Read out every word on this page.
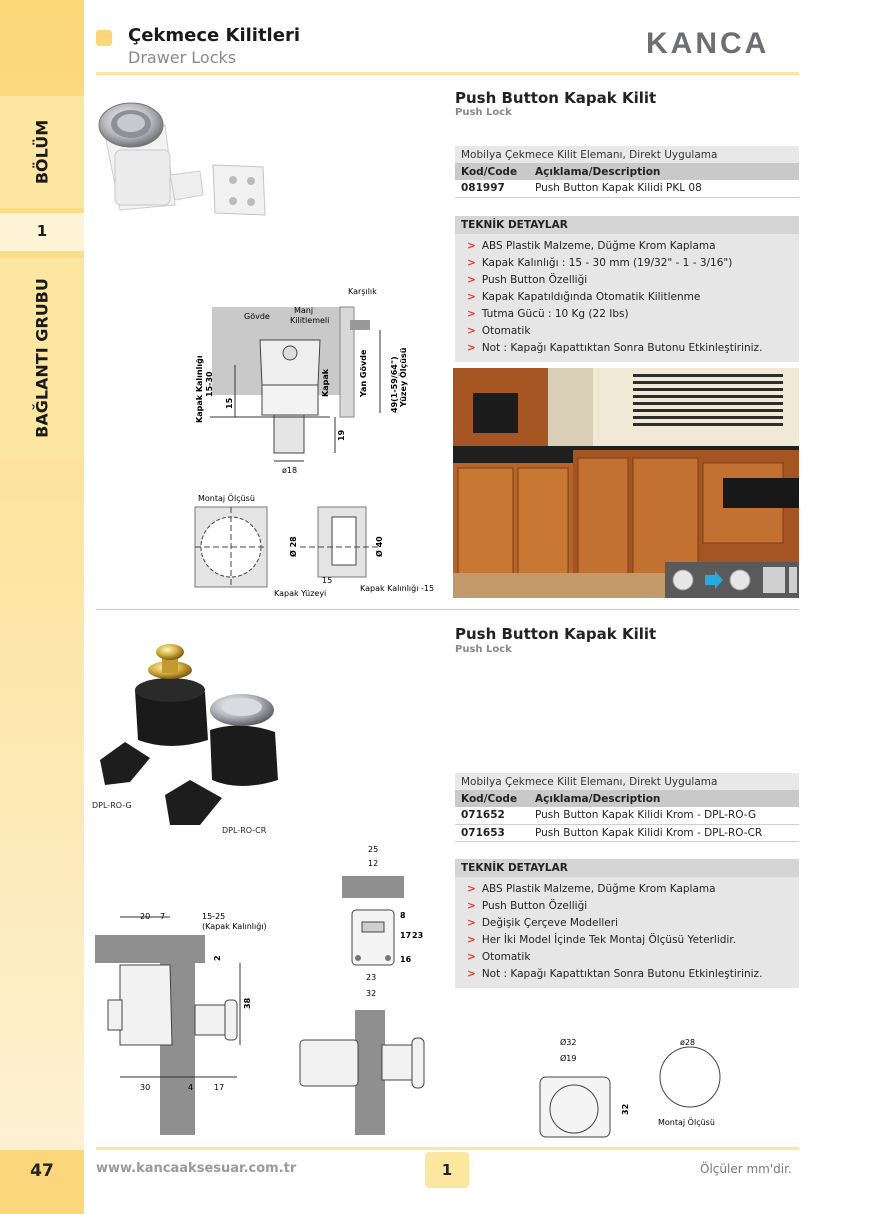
BÖLÜM
1
BAĞLANTI GRUBU
Çekmece Kilitleri
Drawer Locks	KANCA
Push Button Kapak Kilit
Push Lock
Mobilya Çekmece Kilit Elemanı, Direkt Uygulama	
Kod/Code	Açıklama/Description
081997	Push Button Kapak Kilidi PKL 08
TEKNİK DETAYLAR
> ABS Plastik Malzeme, Düğme Krom Kaplama
> Kapak Kalınlığı : 15 - 30 mm (19/32" - 1 - 3/16")
> Push Button Özelliği
> Kapak Kapatıldığında Otomatik Kilitlenme
> Tutma Gücü : 10 Kg (22 Ibs)
> Otomatik
> Not : Kapağı Kapattıktan Sonra Butonu Etkinleştiriniz.
Karşılık
Gövde
Manj
Kilitlemeli
Yan Gövde
Kapak
Kapak Kalınlığı 15-30
15
19
ø18
49(1-59/64") Yüzey Ölçüsü
Montaj Ölçüsü
Ø 28	Ø 40
15
Kapak Yüzeyi
Kapak Kalınlığı -15
DPL-RO-G
DPL-RO-CR
Push Button Kapak Kilit
Push Lock
Mobilya Çekmece Kilit Elemanı, Direkt Uygulama	
Kod/Code	Açıklama/Description
071652	Push Button Kapak Kilidi Krom - DPL-RO-G
071653	Push Button Kapak Kilidi Krom - DPL-RO-CR
TEKNİK DETAYLAR
> ABS Plastik Malzeme, Düğme Krom Kaplama
> Push Button Özelliği
> Değişik Çerçeve Modelleri
> Her İki Model İçinde Tek Montaj Ölçüsü Yeterlidir.
> Otomatik
> Not : Kapağı Kapattıktan Sonra Butonu Etkinleştiriniz.
20 7	15-25
(Kapak Kalınlığı)
2
38
30	4	17
25
12
8
17 23
16
23
32
Ø32
Ø19
32
ø28
Montaj Ölçüsü
47	www.kancaaksesuar.com.tr	1	Ölçüler mm'dir.
